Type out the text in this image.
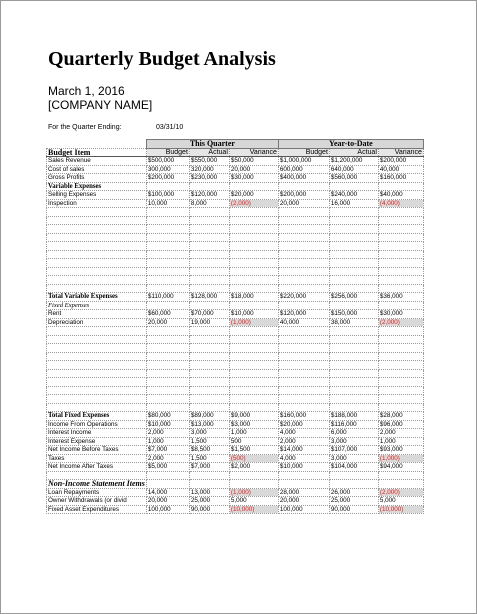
Quarterly Budget Analysis
March 1, 2016
[COMPANY NAME]
For the Quarter Ending:	03/31/10
	This Quarter			Year-to-Date		
Budget Item	Budget	Actual	Variance	Budget	Actual	Variance
Sales Revenue	$500,000	$550,000	$50,000	$1,000,000	$1,200,000	$200,000
Cost of sales	300,000	320,000	20,000	600,000	640,000	40,000
Gross Profits	$200,000	$230,000	$30,000	$400,000	$560,000	$160,000
Variable Expenses						
Selling Expenses	$100,000	$120,000	$20,000	$200,000	$240,000	$40,000
Inspection	10,000	8,000	(2,000)	20,000	16,000	(4,000)

Total Variable Expenses	$110,000	$128,000	$18,000	$220,000	$256,000	$36,000
Fixed Expenses						
Rent	$60,000	$70,000	$10,000	$120,000	$150,000	$30,000
Depreciation	20,000	19,000	(1,000)	40,000	38,000	(2,000)

Total Fixed Expenses	$80,000	$89,000	$9,000	$160,000	$188,000	$28,000
Income From Operations	$10,000	$13,000	$3,000	$20,000	$116,000	$96,000
Interest Income	2,000	3,000	1,000	4,000	6,000	2,000
Interest Expense	1,000	1,500	500	2,000	3,000	1,000
Net Income Before Taxes	$7,000	$8,500	$1,500	$14,000	$107,000	$93,000
Taxes	2,000	1,500	(500)	4,000	3,000	(1,000)
Net Income After Taxes	$5,000	$7,000	$2,000	$10,000	$104,000	$94,000

Non-Income Statement Items						
Loan Repayments	14,000	13,000	(1,000)	28,000	26,000	(2,000)
Owner Withdrawals (or divid	20,000	25,000	5,000	20,000	25,000	5,000
Fixed Asset Expenditures	100,000	90,000	(10,000)	100,000	90,000	(10,000)
